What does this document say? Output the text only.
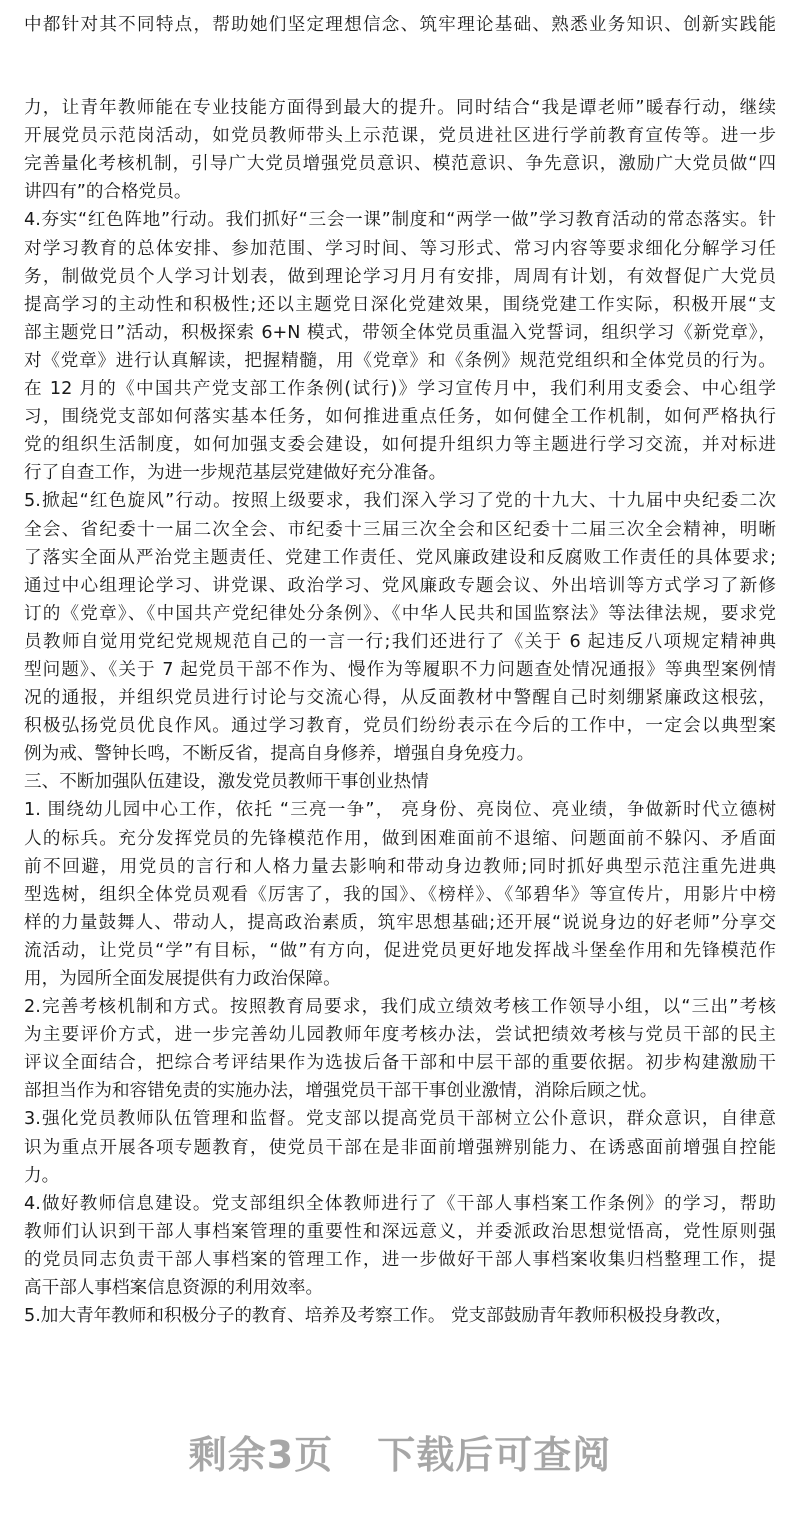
中都针对其不同特点，帮助她们坚定理想信念、筑牢理论基础、熟悉业务知识、创新实践能
力，让青年教师能在专业技能方面得到最大的提升。同时结合“我是谭老师”暖春行动，继续
开展党员示范岗活动，如党员教师带头上示范课，党员进社区进行学前教育宣传等。进一步
完善量化考核机制，引导广大党员增强党员意识、模范意识、争先意识，激励广大党员做“四
讲四有”的合格党员。
4.夯实“红色阵地”行动。我们抓好“三会一课”制度和“两学一做”学习教育活动的常态落实。针
对学习教育的总体安排、参加范围、学习时间、等习形式、常习内容等要求细化分解学习任
务，制做党员个人学习计划表，做到理论学习月月有安排，周周有计划，有效督促广大党员
提高学习的主动性和积极性;还以主题党日深化党建效果，围绕党建工作实际，积极开展“支
部主题党日”活动，积极探索 6+N 模式，带领全体党员重温入党誓词，组织学习《新党章》，
对《党章》进行认真解读，把握精髓，用《党章》和《条例》规范党组织和全体党员的行为。
在 12 月的《中国共产党支部工作条例(试行)》学习宣传月中，我们利用支委会、中心组学
习，围绕党支部如何落实基本任务，如何推进重点任务，如何健全工作机制，如何严格执行
党的组织生活制度，如何加强支委会建设，如何提升组织力等主题进行学习交流，并对标进
行了自查工作，为进一步规范基层党建做好充分准备。
5.掀起“红色旋风”行动。按照上级要求，我们深入学习了党的十九大、十九届中央纪委二次
全会、省纪委十一届二次全会、市纪委十三届三次全会和区纪委十二届三次全会精神，明晰
了落实全面从严治党主题责任、党建工作责任、党风廉政建设和反腐败工作责任的具体要求;
通过中心组理论学习、讲党课、政治学习、党风廉政专题会议、外出培训等方式学习了新修
订的《党章》、《中国共产党纪律处分条例》、《中华人民共和国监察法》等法律法规，要求党
员教师自觉用党纪党规规范自己的一言一行;我们还进行了《关于 6 起违反八项规定精神典
型问题》、《关于 7 起党员干部不作为、慢作为等履职不力问题查处情况通报》等典型案例情
况的通报，并组织党员进行讨论与交流心得，从反面教材中警醒自己时刻绷紧廉政这根弦，
积极弘扬党员优良作风。通过学习教育，党员们纷纷表示在今后的工作中，一定会以典型案
例为戒、警钟长鸣，不断反省，提高自身修养，增强自身免疫力。
三、不断加强队伍建设，激发党员教师干事创业热情
1. 围绕幼儿园中心工作，依托 “三亮一争”， 亮身份、亮岗位、亮业绩，争做新时代立德树
人的标兵。充分发挥党员的先锋模范作用，做到困难面前不退缩、问题面前不躲闪、矛盾面
前不回避，用党员的言行和人格力量去影响和带动身边教师;同时抓好典型示范注重先进典
型选树，组织全体党员观看《厉害了，我的国》、《榜样》、《邹碧华》等宣传片，用影片中榜
样的力量鼓舞人、带动人，提高政治素质，筑牢思想基础;还开展“说说身边的好老师”分享交
流活动，让党员“学”有目标，“做”有方向，促进党员更好地发挥战斗堡垒作用和先锋模范作
用，为园所全面发展提供有力政治保障。
2.完善考核机制和方式。按照教育局要求，我们成立绩效考核工作领导小组，以“三出”考核
为主要评价方式，进一步完善幼儿园教师年度考核办法，尝试把绩效考核与党员干部的民主
评议全面结合，把综合考评结果作为选拔后备干部和中层干部的重要依据。初步构建激励干
部担当作为和容错免责的实施办法，增强党员干部干事创业激情，消除后顾之忧。
3.强化党员教师队伍管理和监督。党支部以提高党员干部树立公仆意识，群众意识，自律意
识为重点开展各项专题教育，使党员干部在是非面前增强辨别能力、在诱惑面前增强自控能
力。
4.做好教师信息建设。党支部组织全体教师进行了《干部人事档案工作条例》的学习，帮助
教师们认识到干部人事档案管理的重要性和深远意义，并委派政治思想觉悟高，党性原则强
的党员同志负责干部人事档案的管理工作，进一步做好干部人事档案收集归档整理工作，提
高干部人事档案信息资源的利用效率。
5.加大青年教师和积极分子的教育、培养及考察工作。 党支部鼓励青年教师积极投身教改，
剩余3页 下载后可查阅
